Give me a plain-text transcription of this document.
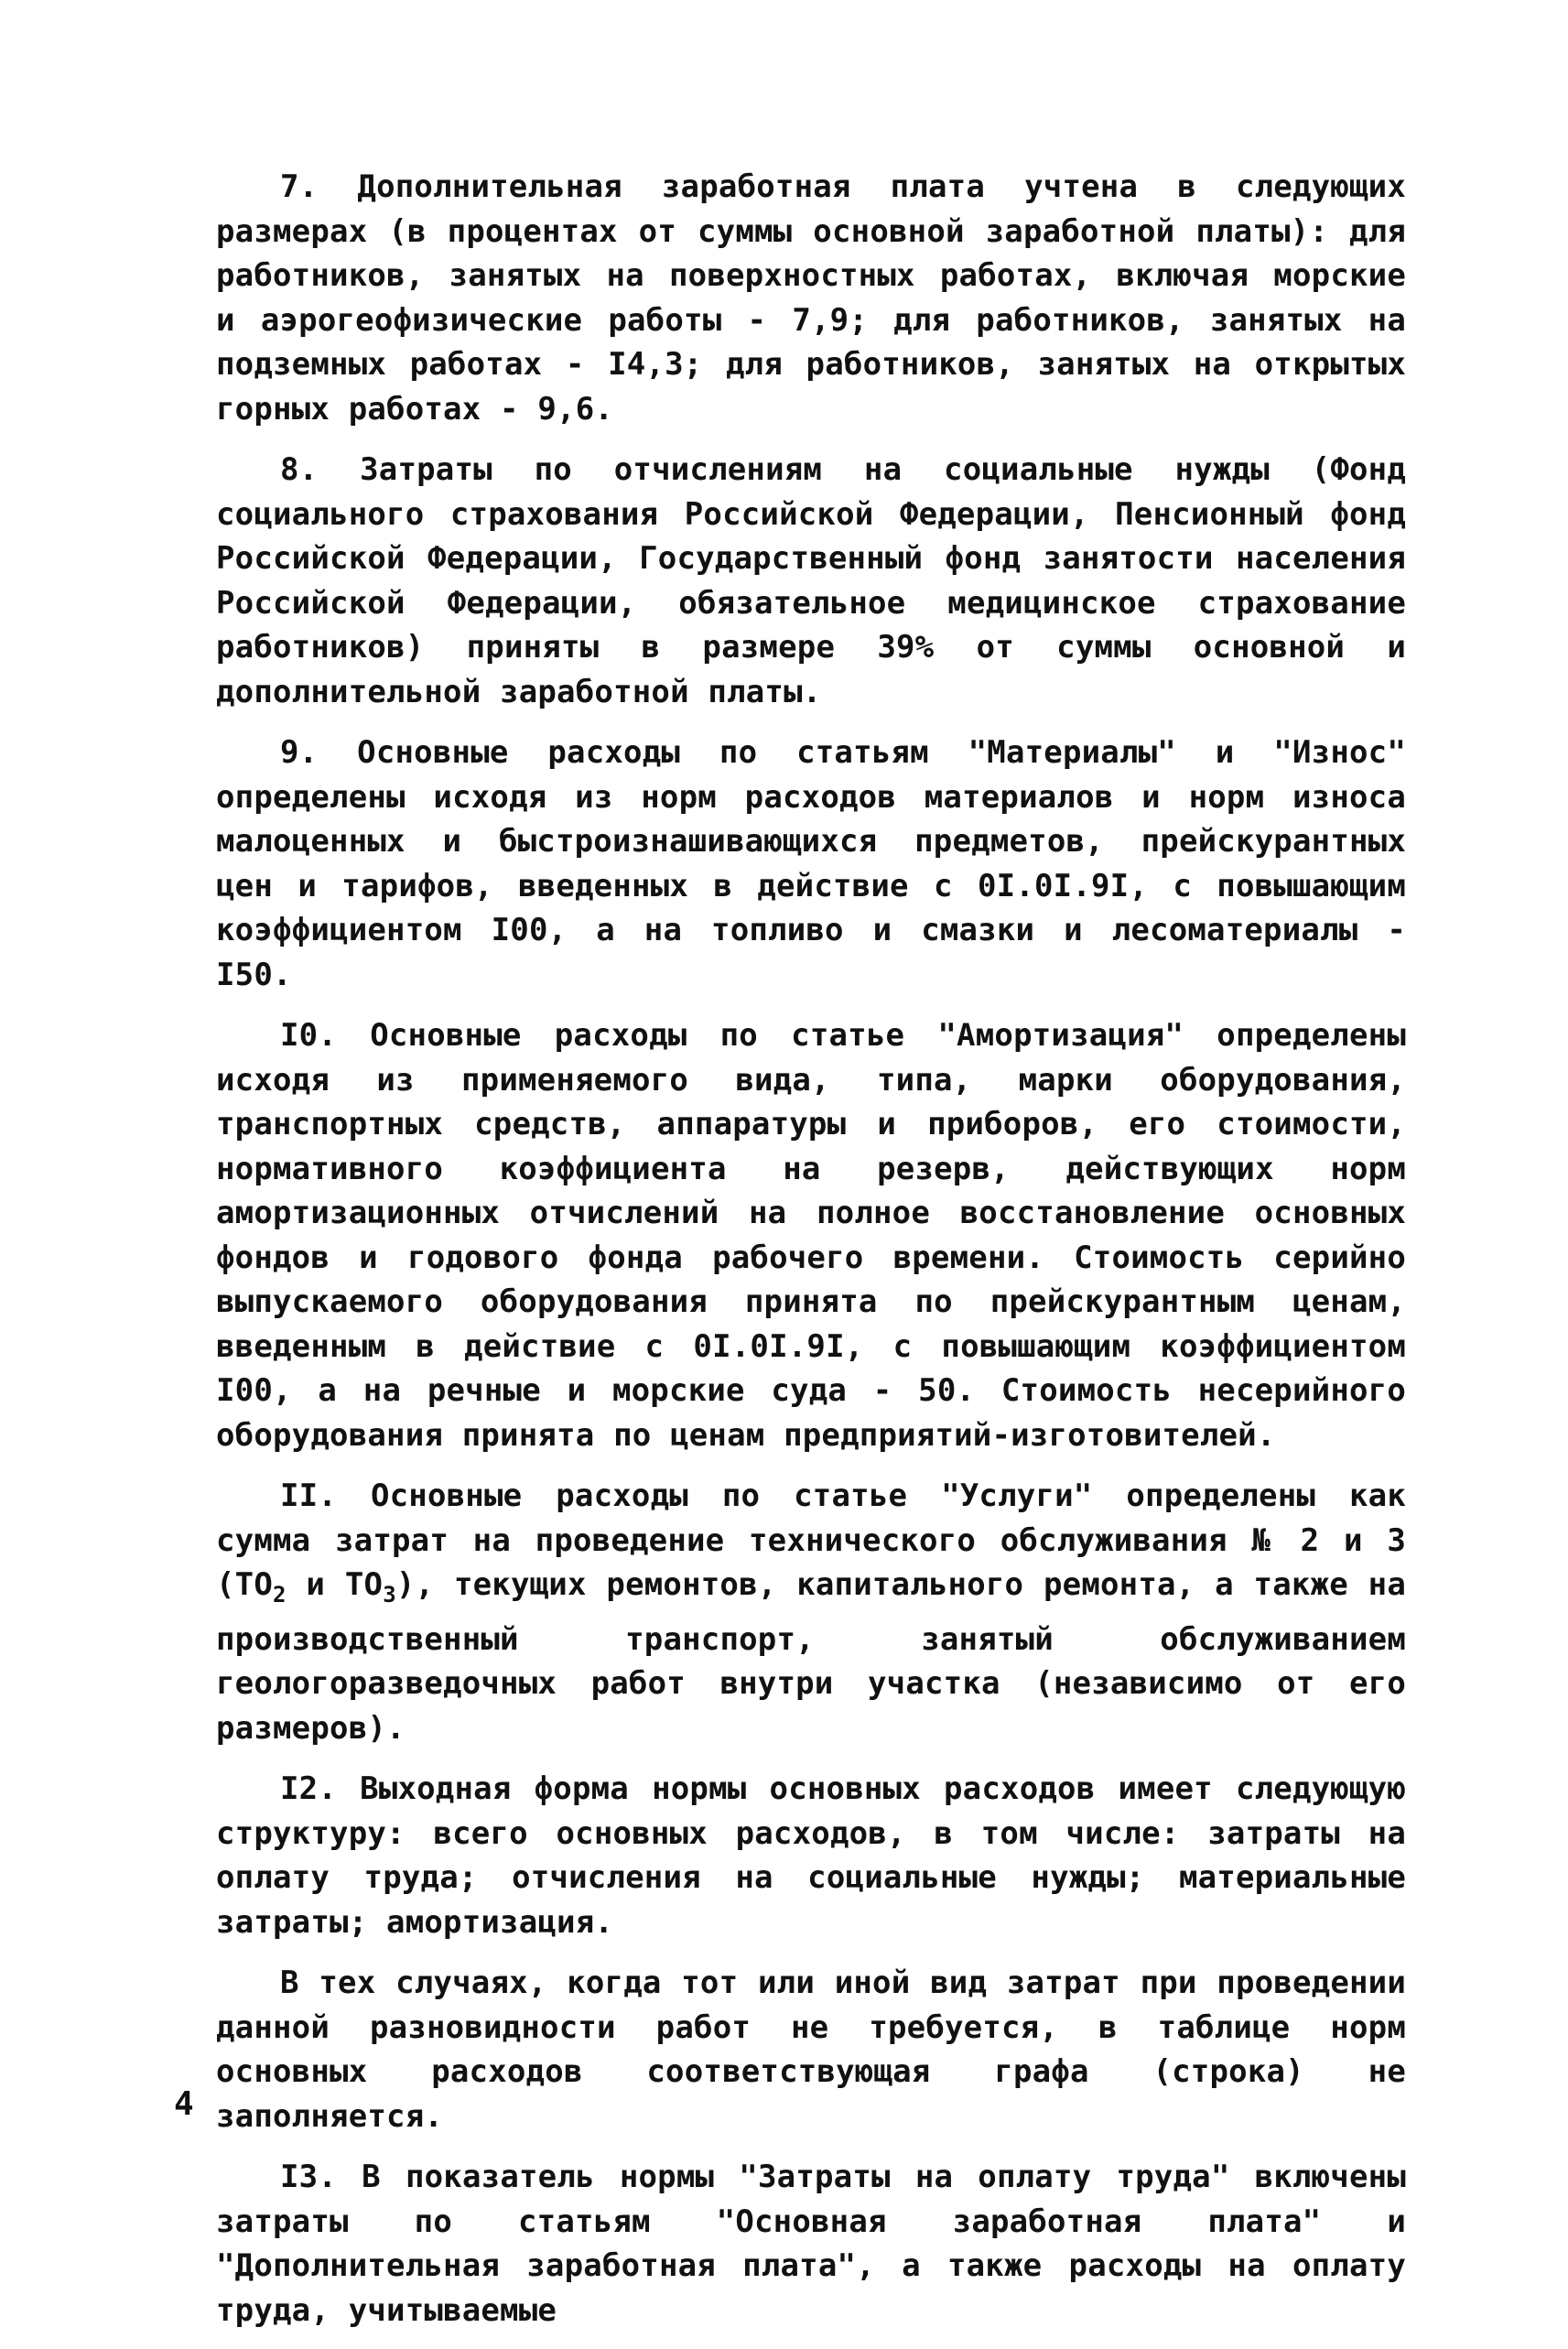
7. Дополнительная заработная плата учтена в следующих размерах (в процентах от суммы основной заработной платы): для работников, занятых на поверхностных работах, включая морские и аэрогеофизические работы - 7,9; для работников, занятых на подземных работах - I4,3; для работников, занятых на открытых горных работах - 9,6.

8. Затраты по отчислениям на социальные нужды (Фонд социального страхования Российской Федерации, Пенсионный фонд Российской Федерации, Государственный фонд занятости населения Российской Федерации, обязательное медицинское страхование работников) приняты в размере 39% от суммы основной и дополнительной заработной платы.

9. Основные расходы по статьям "Материалы" и "Износ" определены исходя из норм расходов материалов и норм износа малоценных и быстроизнашивающихся предметов, прейскурантных цен и тарифов, введенных в действие с 0I.0I.9I, с повышающим коэффициентом I00, а на топливо и смазки и лесоматериалы - I50.

I0. Основные расходы по статье "Амортизация" определены исходя из применяемого вида, типа, марки оборудования, транспортных средств, аппаратуры и приборов, его стоимости, нормативного коэффициента на резерв, действующих норм амортизационных отчислений на полное восстановление основных фондов и годового фонда рабочего времени. Стоимость серийно выпускаемого оборудования принята по прейскурантным ценам, введенным в действие с 0I.0I.9I, с повышающим коэффициентом I00, а на речные и морские суда - 50. Стоимость несерийного оборудования принята по ценам предприятий-изготовителей.

II. Основные расходы по статье "Услуги" определены как сумма затрат на проведение технического обслуживания № 2 и 3 ($ТО_2$ и $ТО_3$), текущих ремонтов, капитального ремонта, а также на производственный транспорт, занятый обслуживанием геологоразведочных работ внутри участка (независимо от его размеров).

I2. Выходная форма нормы основных расходов имеет следующую структуру: всего основных расходов, в том числе: затраты на оплату труда; отчисления на социальные нужды; материальные затраты; амортизация.

В тех случаях, когда тот или иной вид затрат при проведении данной разновидности работ не требуется, в таблице норм основных расходов соответствующая графа (строка) не заполняется.

I3. В показатель нормы "Затраты на оплату труда" включены затраты по статьям "Основная заработная плата" и "Дополнительная заработная плата", а также расходы на оплату труда, учитываемые

4
